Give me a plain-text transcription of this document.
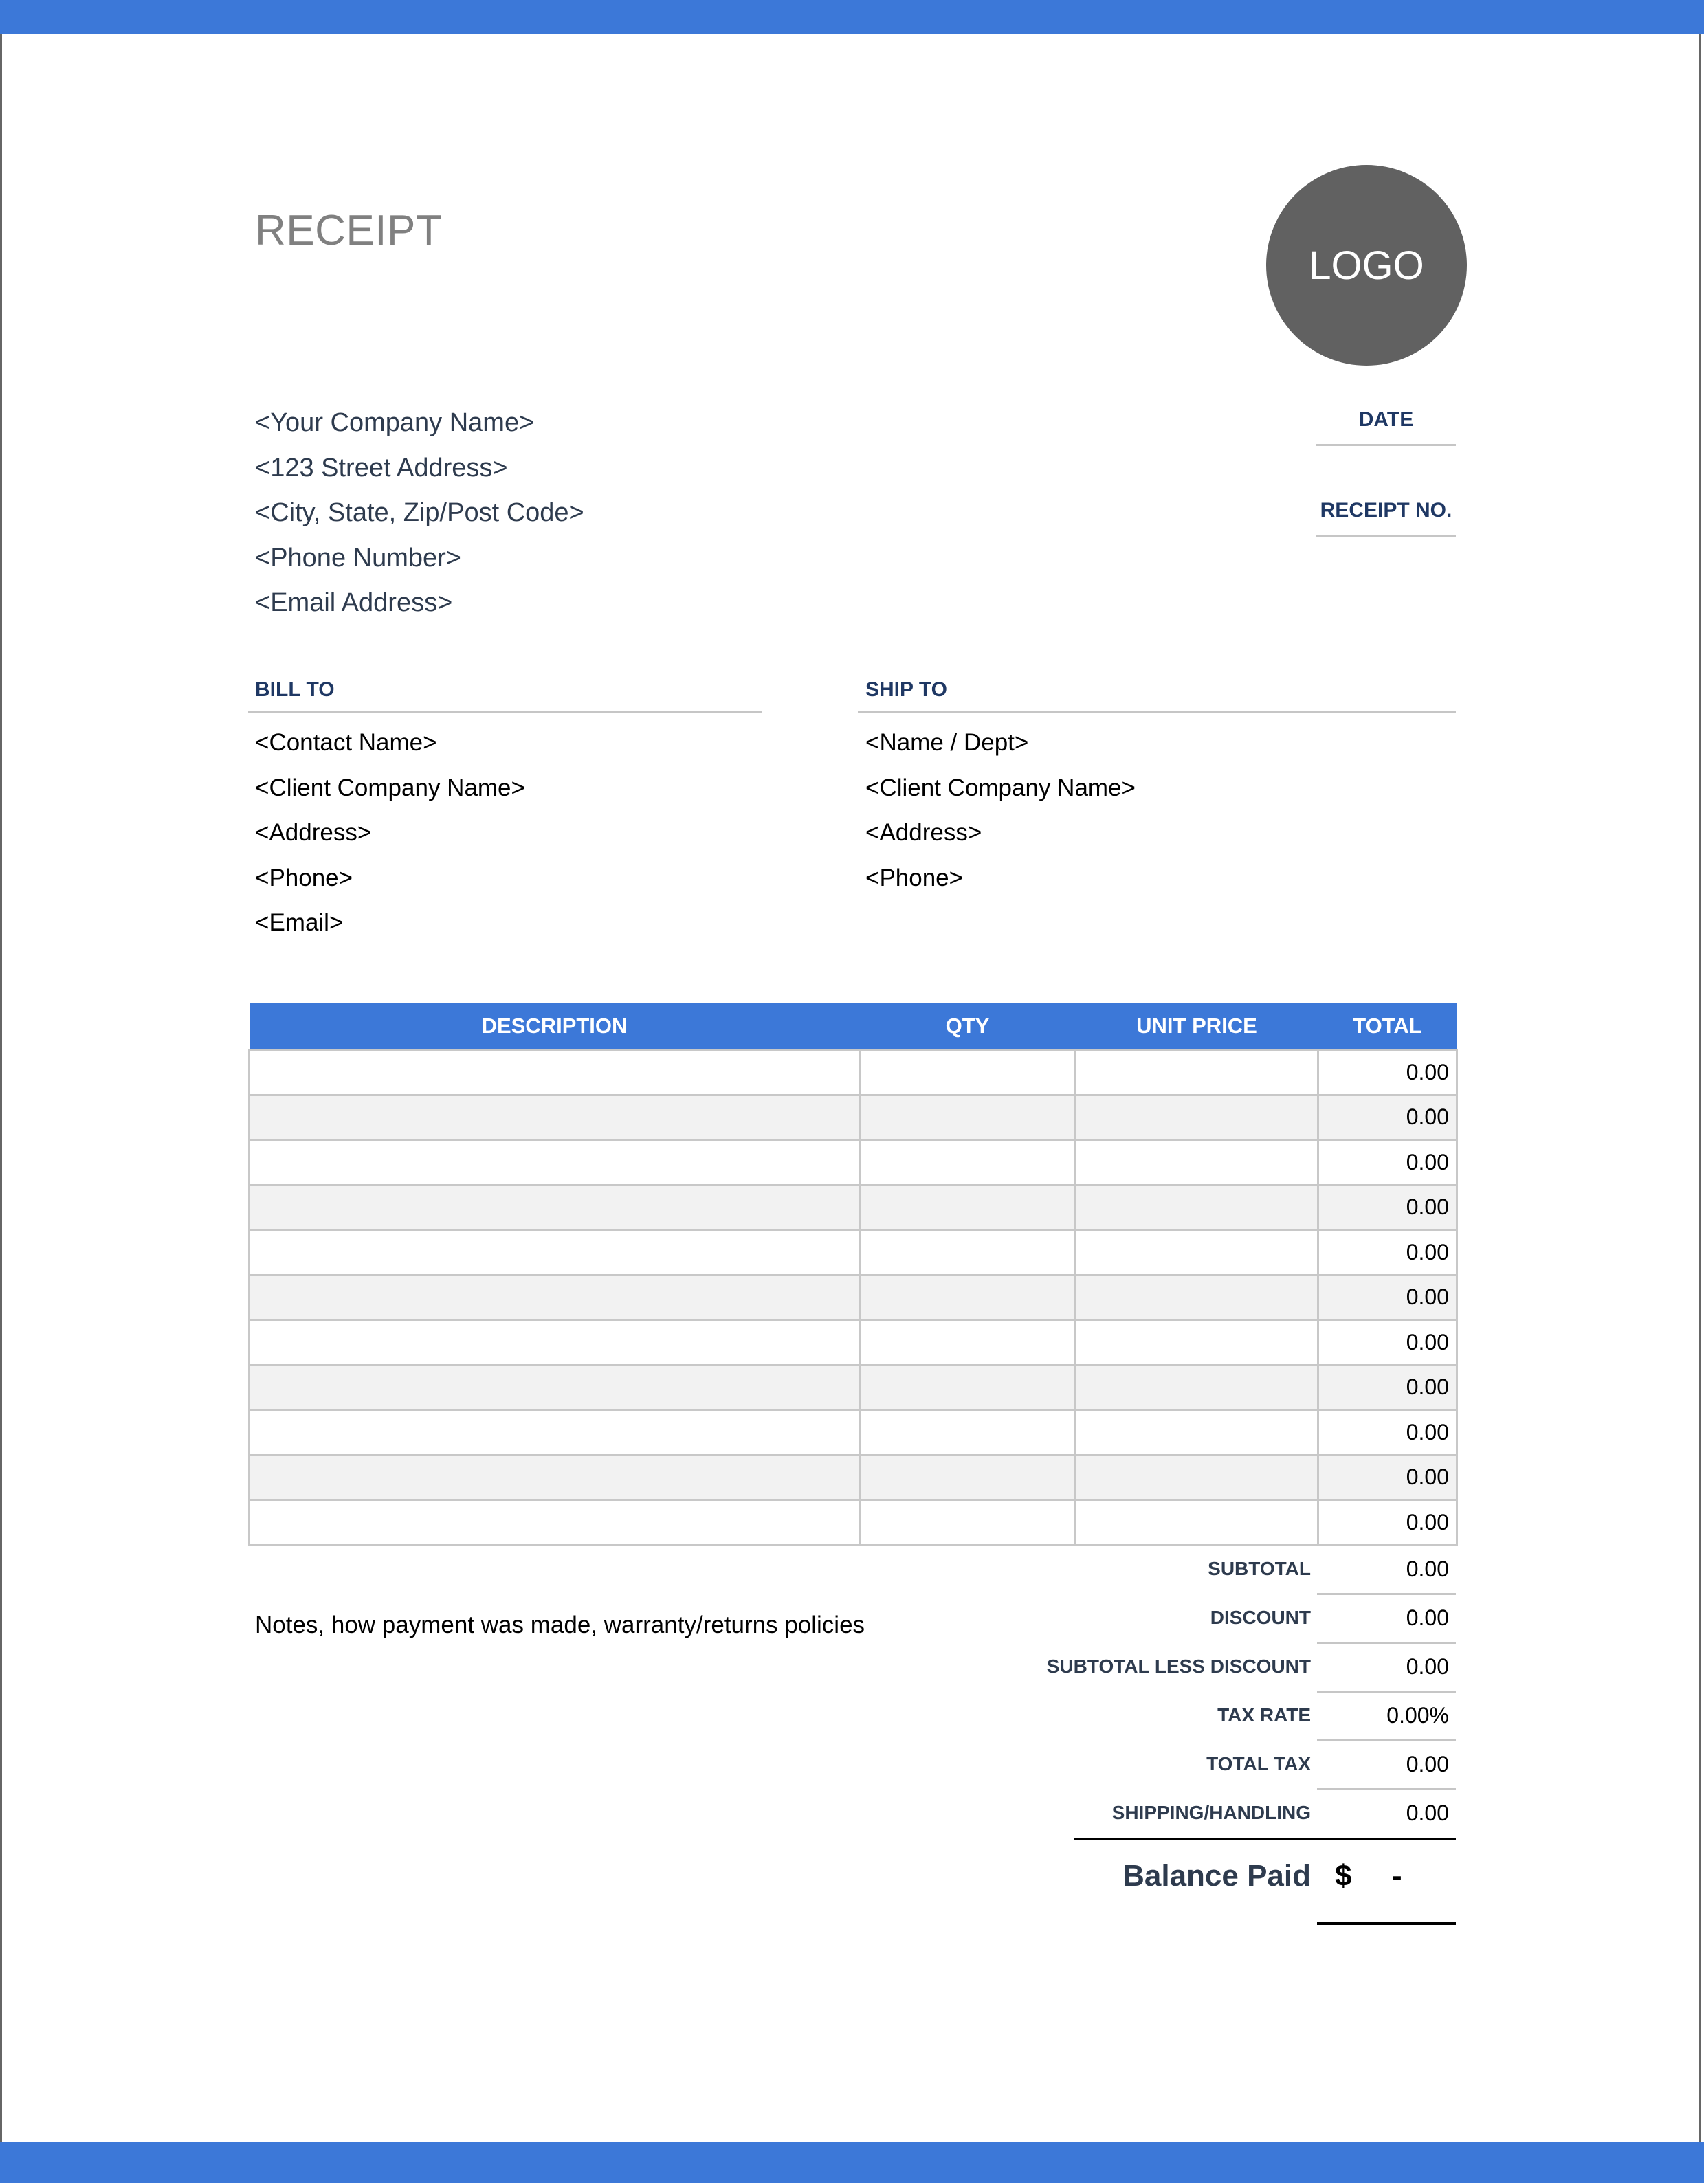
RECEIPT
LOGO
<Your Company Name>
<123 Street Address>
<City, State, Zip/Post Code>
<Phone Number>
<Email Address>
DATE
RECEIPT NO.
BILL TO
<Contact Name>
<Client Company Name>
<Address>
<Phone>
<Email>
SHIP TO
<Name / Dept>
<Client Company Name>
<Address>
<Phone>
DESCRIPTION	QTY	UNIT PRICE	TOTAL
			0.00
			0.00
			0.00
			0.00
			0.00
			0.00
			0.00
			0.00
			0.00
			0.00
			0.00
Notes, how payment was made, warranty/returns policies
SUBTOTAL	0.00
DISCOUNT	0.00
SUBTOTAL LESS DISCOUNT	0.00
TAX RATE	0.00%
TOTAL TAX	0.00
SHIPPING/HANDLING	0.00
Balance Paid $ -
